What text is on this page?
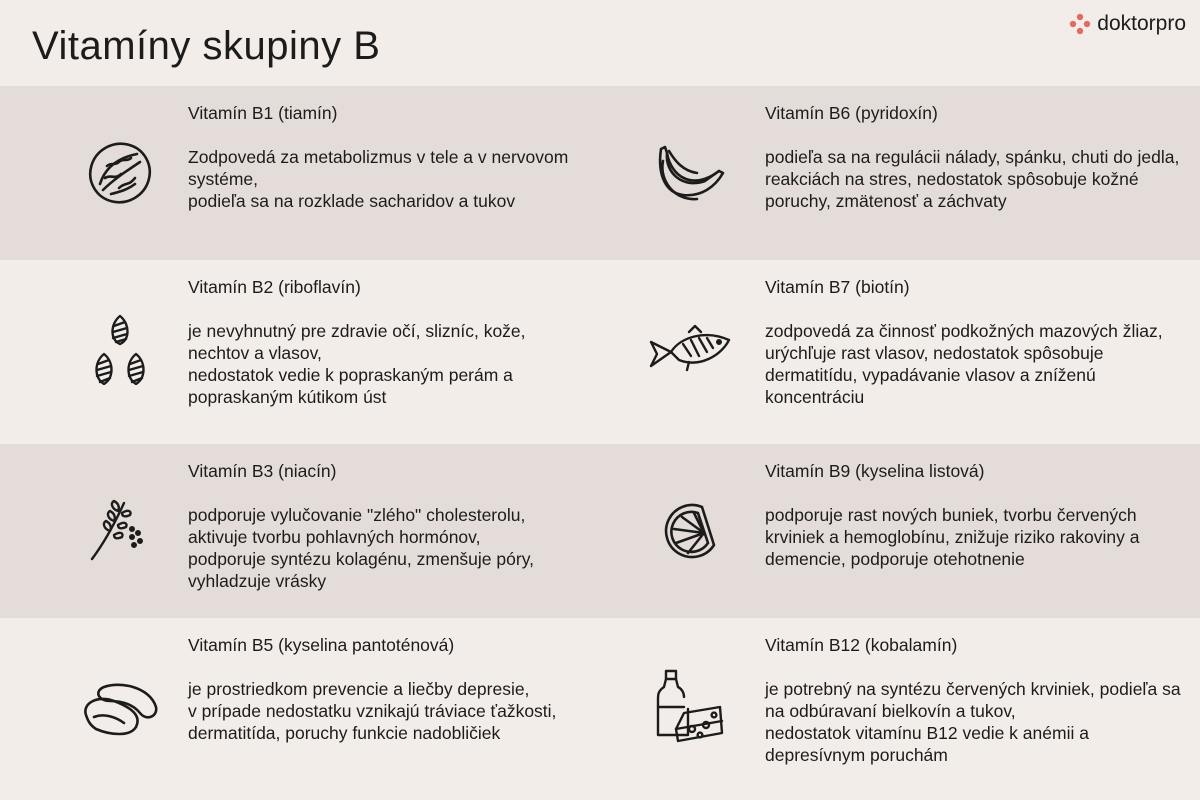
Vitamíny skupiny B
doktorpro

Vitamín B1 (tiamín)

Zodpovedá za metabolizmus v tele a v nervovom systéme,
podieľa sa na rozklade sacharidov a tukov

Vitamín B6 (pyridoxín)

podieľa sa na regulácii nálady, spánku, chuti do jedla, reakciách na stres, nedostatok spôsobuje kožné poruchy, zmätenosť a záchvaty

Vitamín B2 (riboflavín)

je nevyhnutný pre zdravie očí, slizníc, kože, nechtov a vlasov,
nedostatok vedie k popraskaným perám a popraskaným kútikom úst

Vitamín B7 (biotín)

zodpovedá za činnosť podkožných mazových žliaz, urýchľuje rast vlasov, nedostatok spôsobuje dermatitídu, vypadávanie vlasov a zníženú koncentráciu

Vitamín B3 (niacín)

podporuje vylučovanie "zlého" cholesterolu, aktivuje tvorbu pohlavných hormónov,
podporuje syntézu kolagénu, zmenšuje póry, vyhladzuje vrásky

Vitamín B9 (kyselina listová)

podporuje rast nových buniek, tvorbu červených krviniek a hemoglobínu, znižuje riziko rakoviny a demencie, podporuje otehotnenie

Vitamín B5 (kyselina pantoténová)

je prostriedkom prevencie a liečby depresie,
v prípade nedostatku vznikajú tráviace ťažkosti, dermatitída, poruchy funkcie nadobličiek

Vitamín B12 (kobalamín)

je potrebný na syntézu červených krviniek, podieľa sa na odbúravaní bielkovín a tukov,
nedostatok vitamínu B12 vedie k anémii a depresívnym poruchám
